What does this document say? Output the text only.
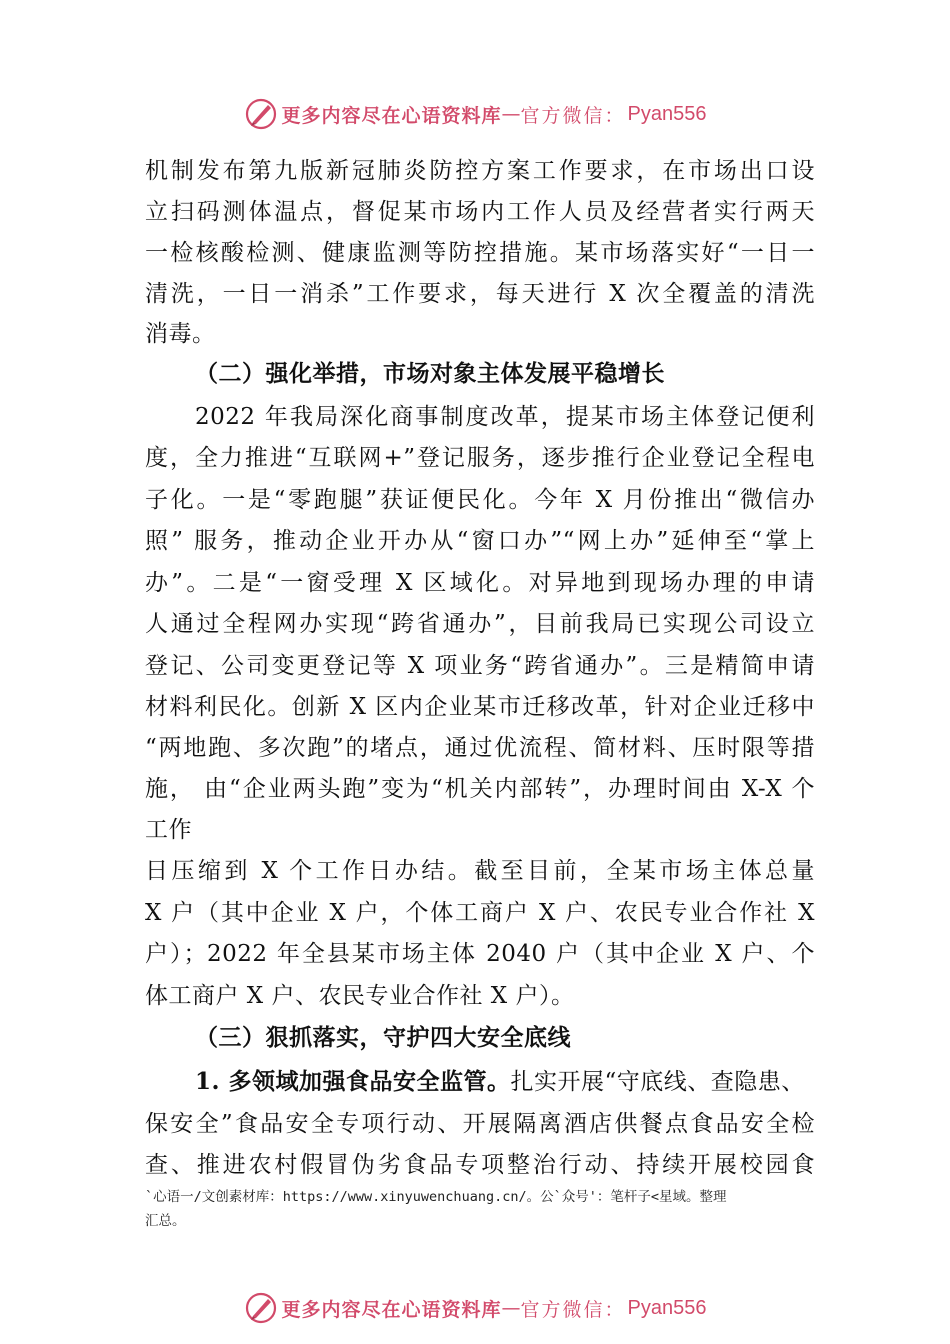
更多内容尽在心语资料库 — 官方微信： Pyan556
机制发布第九版新冠肺炎防控方案工作要求，在市场出口设
立扫码测体温点，督促某市场内工作人员及经营者实行两天
一检核酸检测、健康监测等防控措施。某市场落实好“一日一
清洗，一日一消杀”工作要求，每天进行 X 次全覆盖的清洗
消毒。
（二）强化举措，市场对象主体发展平稳增长
2022 年我局深化商事制度改革，提某市场主体登记便利
度，全力推进“互联网+”登记服务，逐步推行企业登记全程电
子化。一是“零跑腿”获证便民化。今年 X 月份推出“微信办
照” 服务，推动企业开办从“窗口办”“网上办”延伸至“掌上
办”。二是“一窗受理 X 区域化。对异地到现场办理的申请
人通过全程网办实现“跨省通办”，目前我局已实现公司设立
登记、公司变更登记等 X 项业务“跨省通办”。三是精简申请
材料利民化。创新 X 区内企业某市迁移改革，针对企业迁移中
“两地跑、多次跑”的堵点，通过优流程、简材料、压时限等措
施， 由“企业两头跑”变为“机关内部转”，办理时间由 X-X 个
工作
日压缩到 X 个工作日办结。截至目前，全某市场主体总量
X 户（其中企业 X 户，个体工商户 X 户、农民专业合作社 X
户）；2022 年全县某市场主体 2040 户（其中企业 X 户、个
体工商户 X 户、农民专业合作社 X 户）。
（三）狠抓落实，守护四大安全底线
1. 多领域加强食品安全监管。扎实开展“守底线、查隐患、
保安全”食品安全专项行动、开展隔离酒店供餐点食品安全检
查、推进农村假冒伪劣食品专项整治行动、持续开展校园食
`心语一/文创素材库：https://www.xinyuwenchuang.cn/。公`众号'：笔杆子<星域。整理
汇总。
更多内容尽在心语资料库 — 官方微信： Pyan556
